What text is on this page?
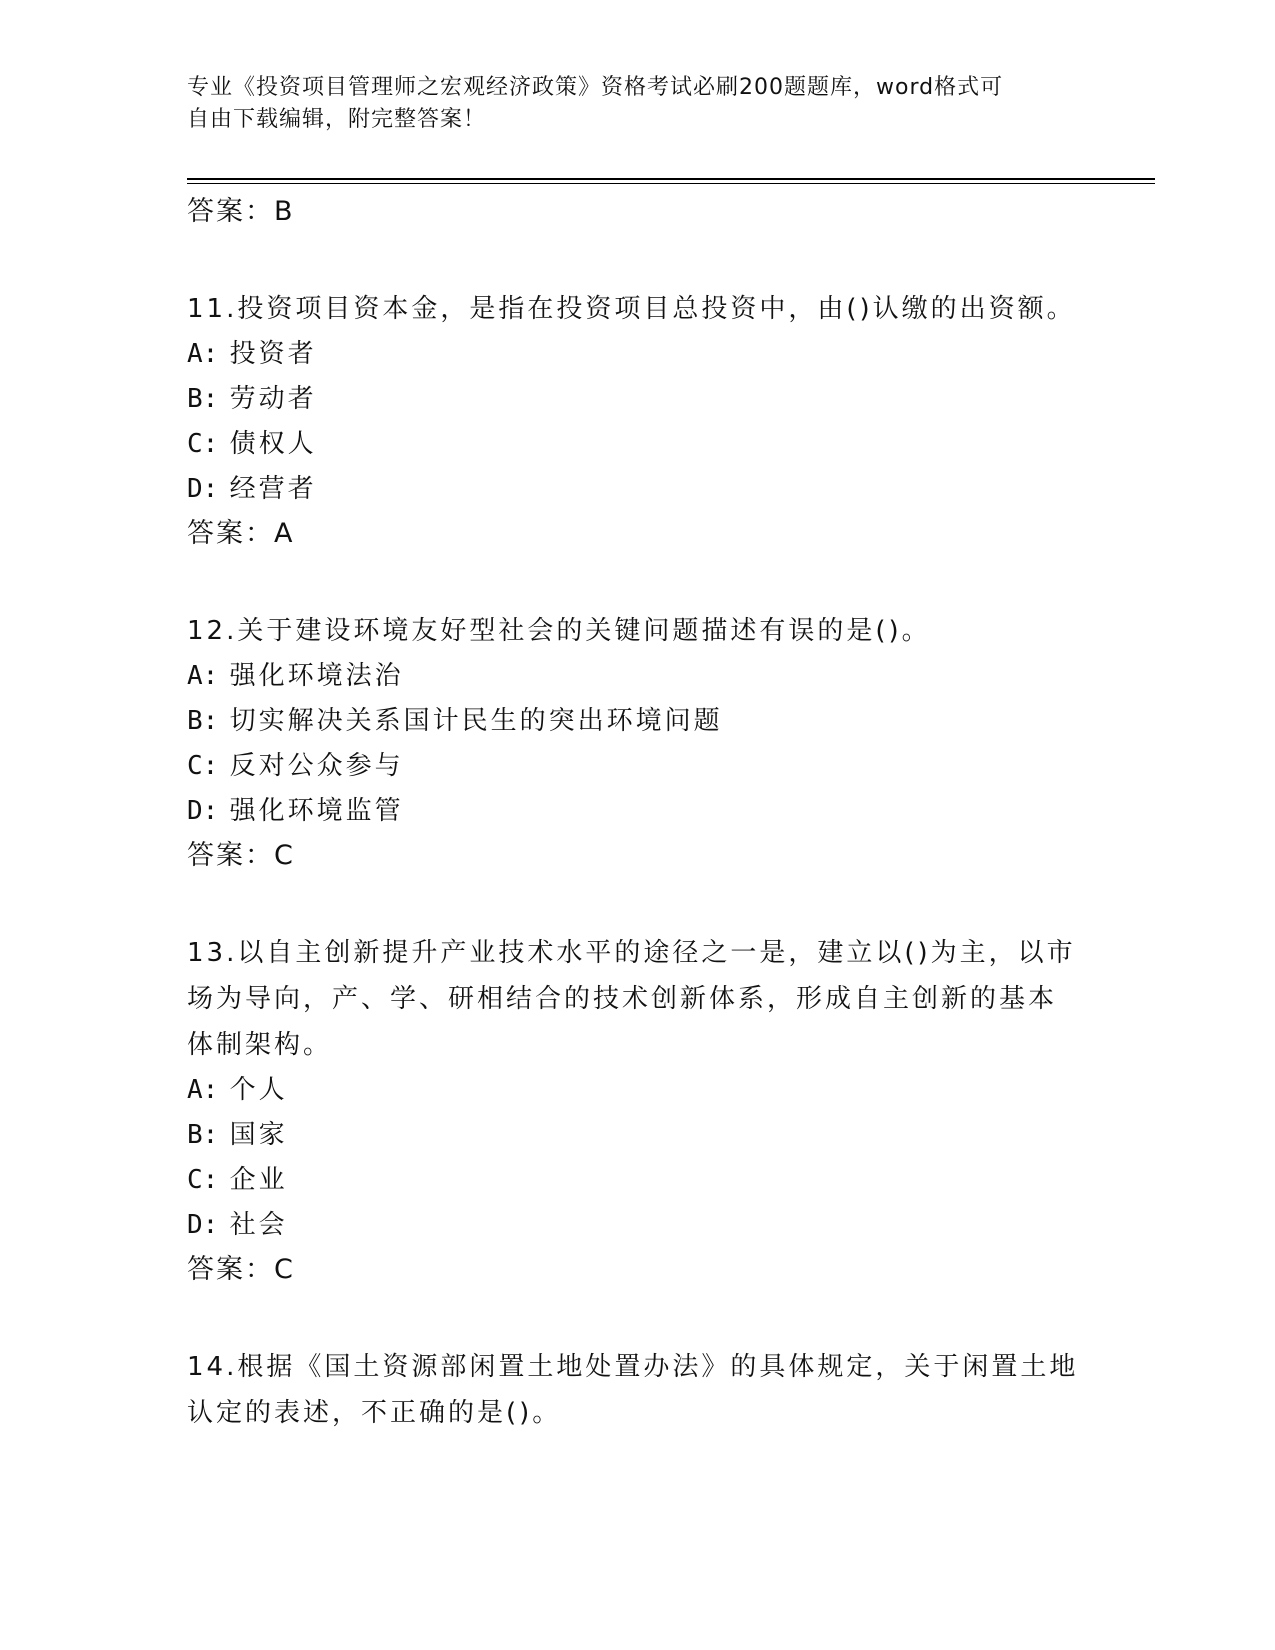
专业《投资项目管理师之宏观经济政策》资格考试必刷200题题库，word格式可
自由下载编辑，附完整答案！
答案：B
11.投资项目资本金，是指在投资项目总投资中，由()认缴的出资额。
A: 投资者
B: 劳动者
C: 债权人
D: 经营者
答案：A
12.关于建设环境友好型社会的关键问题描述有误的是()。
A: 强化环境法治
B: 切实解决关系国计民生的突出环境问题
C: 反对公众参与
D: 强化环境监管
答案：C
13.以自主创新提升产业技术水平的途径之一是，建立以()为主，以市
场为导向，产、学、研相结合的技术创新体系，形成自主创新的基本
体制架构。
A: 个人
B: 国家
C: 企业
D: 社会
答案：C
14.根据《国土资源部闲置土地处置办法》的具体规定，关于闲置土地
认定的表述，不正确的是()。
